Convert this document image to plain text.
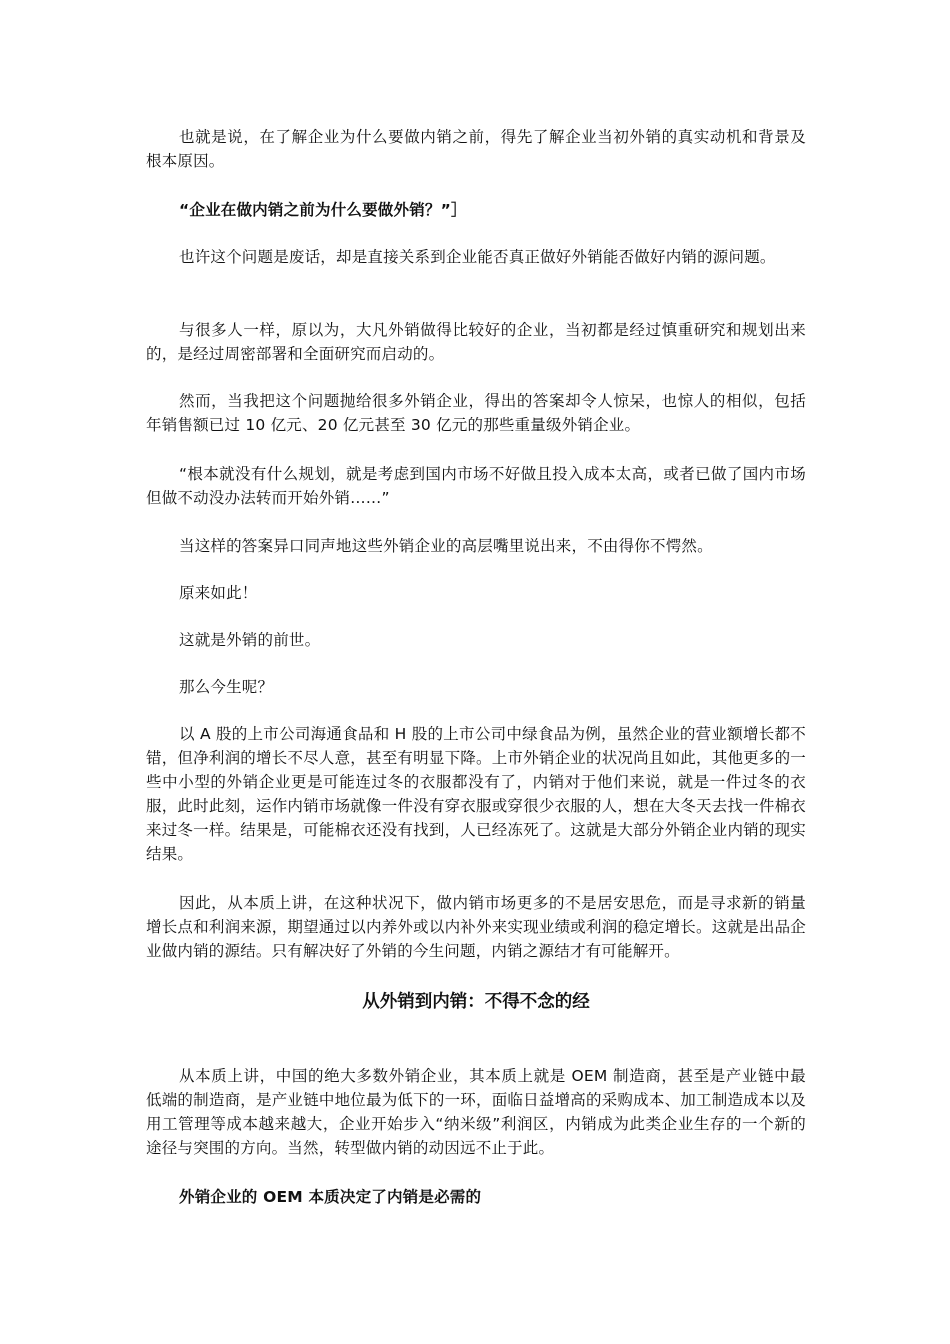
也就是说，在了解企业为什么要做内销之前，得先了解企业当初外销的真实动机和背景及根本原因。

“企业在做内销之前为什么要做外销？”］

也许这个问题是废话，却是直接关系到企业能否真正做好外销能否做好内销的源问题。

与很多人一样，原以为，大凡外销做得比较好的企业，当初都是经过慎重研究和规划出来的，是经过周密部署和全面研究而启动的。

然而，当我把这个问题抛给很多外销企业，得出的答案却令人惊呆，也惊人的相似，包括年销售额已过 10 亿元、20 亿元甚至 30 亿元的那些重量级外销企业。

“根本就没有什么规划，就是考虑到国内市场不好做且投入成本太高，或者已做了国内市场但做不动没办法转而开始外销……”

当这样的答案异口同声地这些外销企业的高层嘴里说出来，不由得你不愕然。

原来如此！

这就是外销的前世。

那么今生呢？

以 A 股的上市公司海通食品和 H 股的上市公司中绿食品为例，虽然企业的营业额增长都不错，但净利润的增长不尽人意，甚至有明显下降。上市外销企业的状况尚且如此，其他更多的一些中小型的外销企业更是可能连过冬的衣服都没有了，内销对于他们来说，就是一件过冬的衣服，此时此刻，运作内销市场就像一件没有穿衣服或穿很少衣服的人，想在大冬天去找一件棉衣来过冬一样。结果是，可能棉衣还没有找到，人已经冻死了。这就是大部分外销企业内销的现实结果。

因此，从本质上讲，在这种状况下，做内销市场更多的不是居安思危，而是寻求新的销量增长点和利润来源，期望通过以内养外或以内补外来实现业绩或利润的稳定增长。这就是出品企业做内销的源结。只有解决好了外销的今生问题，内销之源结才有可能解开。

从外销到内销：不得不念的经

从本质上讲，中国的绝大多数外销企业，其本质上就是 OEM 制造商，甚至是产业链中最低端的制造商，是产业链中地位最为低下的一环，面临日益增高的采购成本、加工制造成本以及用工管理等成本越来越大，企业开始步入“纳米级”利润区，内销成为此类企业生存的一个新的途径与突围的方向。当然，转型做内销的动因远不止于此。

外销企业的 OEM 本质决定了内销是必需的
